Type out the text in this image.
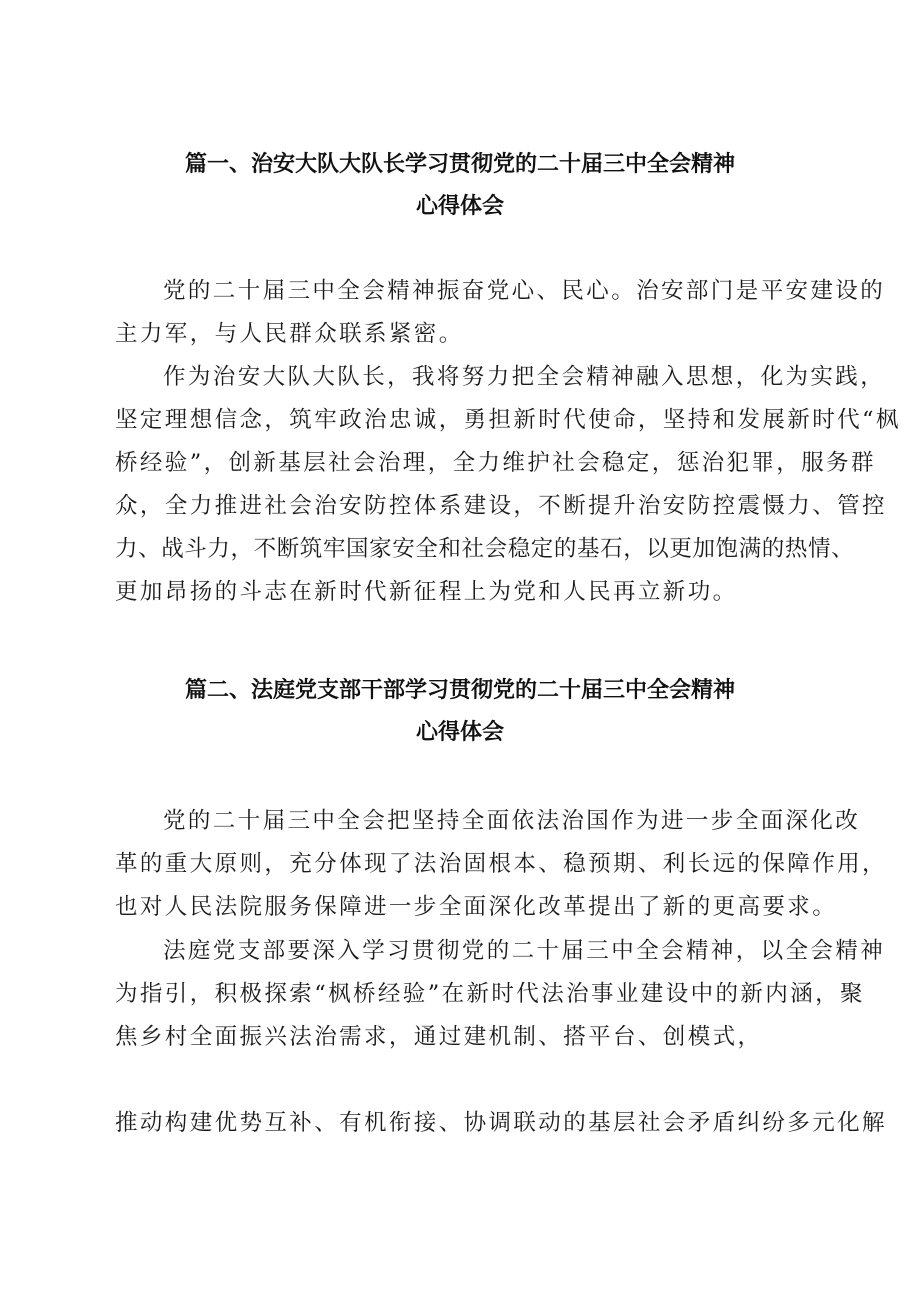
篇一、治安大队大队长学习贯彻党的二十届三中全会精神
心得体会
党的二十届三中全会精神振奋党心、民心。治安部门是平安建设的
主力军，与人民群众联系紧密。
作为治安大队大队长，我将努力把全会精神融入思想，化为实践，
坚定理想信念，筑牢政治忠诚，勇担新时代使命，坚持和发展新时代“枫
桥经验”，创新基层社会治理，全力维护社会稳定，惩治犯罪，服务群
众，全力推进社会治安防控体系建设，不断提升治安防控震慑力、管控
力、战斗力，不断筑牢国家安全和社会稳定的基石，以更加饱满的热情、
更加昂扬的斗志在新时代新征程上为党和人民再立新功。
篇二、法庭党支部干部学习贯彻党的二十届三中全会精神
心得体会
党的二十届三中全会把坚持全面依法治国作为进一步全面深化改
革的重大原则，充分体现了法治固根本、稳预期、利长远的保障作用，
也对人民法院服务保障进一步全面深化改革提出了新的更高要求。
法庭党支部要深入学习贯彻党的二十届三中全会精神，以全会精神
为指引，积极探索“枫桥经验”在新时代法治事业建设中的新内涵，聚
焦乡村全面振兴法治需求，通过建机制、搭平台、创模式，
推动构建优势互补、有机衔接、协调联动的基层社会矛盾纠纷多元化解
